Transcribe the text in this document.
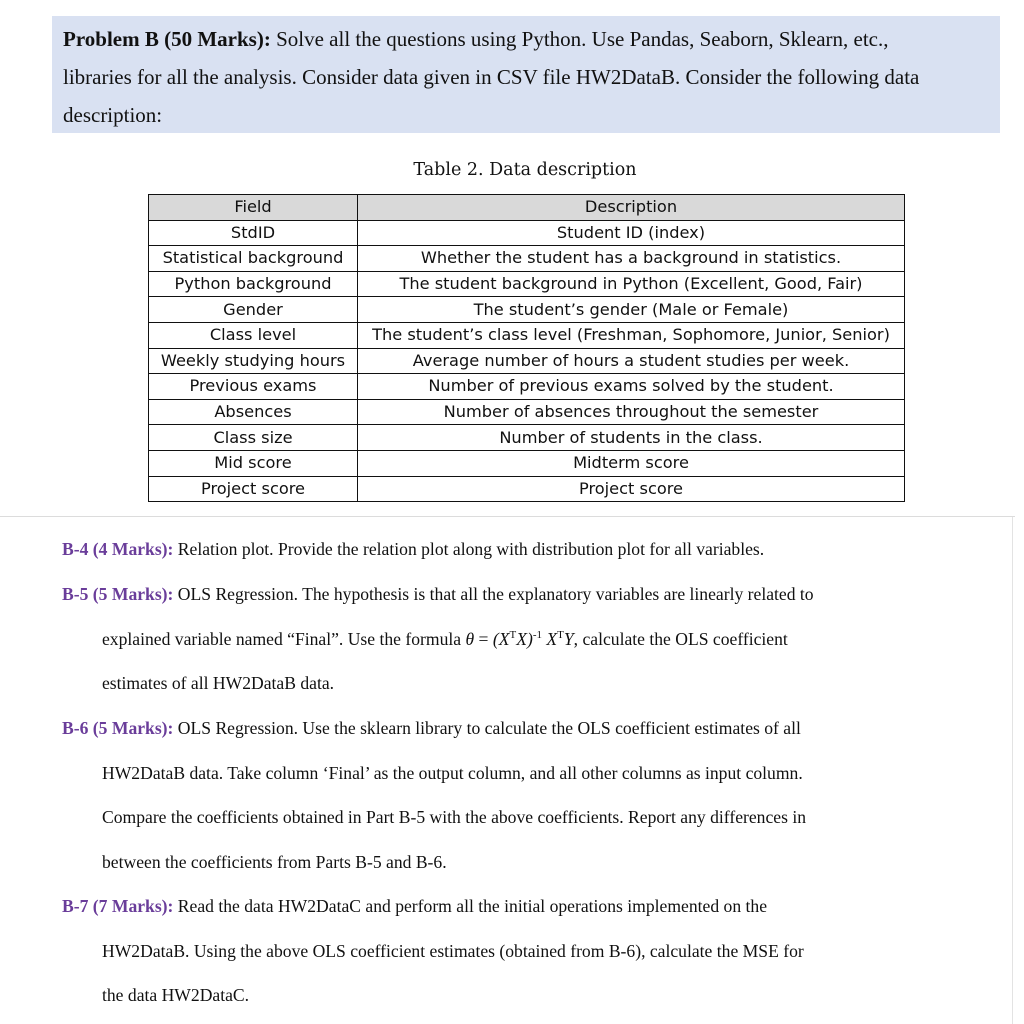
Problem B (50 Marks): Solve all the questions using Python. Use Pandas, Seaborn, Sklearn, etc.,
libraries for all the analysis. Consider data given in CSV file HW2DataB. Consider the following data
description:
Table 2. Data description
Field	Description
StdID	Student ID (index)
Statistical background	Whether the student has a background in statistics.
Python background	The student background in Python (Excellent, Good, Fair)
Gender	The student’s gender (Male or Female)
Class level	The student’s class level (Freshman, Sophomore, Junior, Senior)
Weekly studying hours	Average number of hours a student studies per week.
Previous exams	Number of previous exams solved by the student.
Absences	Number of absences throughout the semester
Class size	Number of students in the class.
Mid score	Midterm score
Project score	Project score
B-4 (4 Marks): Relation plot. Provide the relation plot along with distribution plot for all variables.
B-5 (5 Marks): OLS Regression. The hypothesis is that all the explanatory variables are linearly related to
explained variable named “Final”. Use the formula $\theta = (X^TX)^{-1}$ $X^TY$, calculate the OLS coefficient
estimates of all HW2DataB data.
B-6 (5 Marks): OLS Regression. Use the sklearn library to calculate the OLS coefficient estimates of all
HW2DataB data. Take column ‘Final’ as the output column, and all other columns as input column.
Compare the coefficients obtained in Part B-5 with the above coefficients. Report any differences in
between the coefficients from Parts B-5 and B-6.
B-7 (7 Marks): Read the data HW2DataC and perform all the initial operations implemented on the
HW2DataB. Using the above OLS coefficient estimates (obtained from B-6), calculate the MSE for
the data HW2DataC.
